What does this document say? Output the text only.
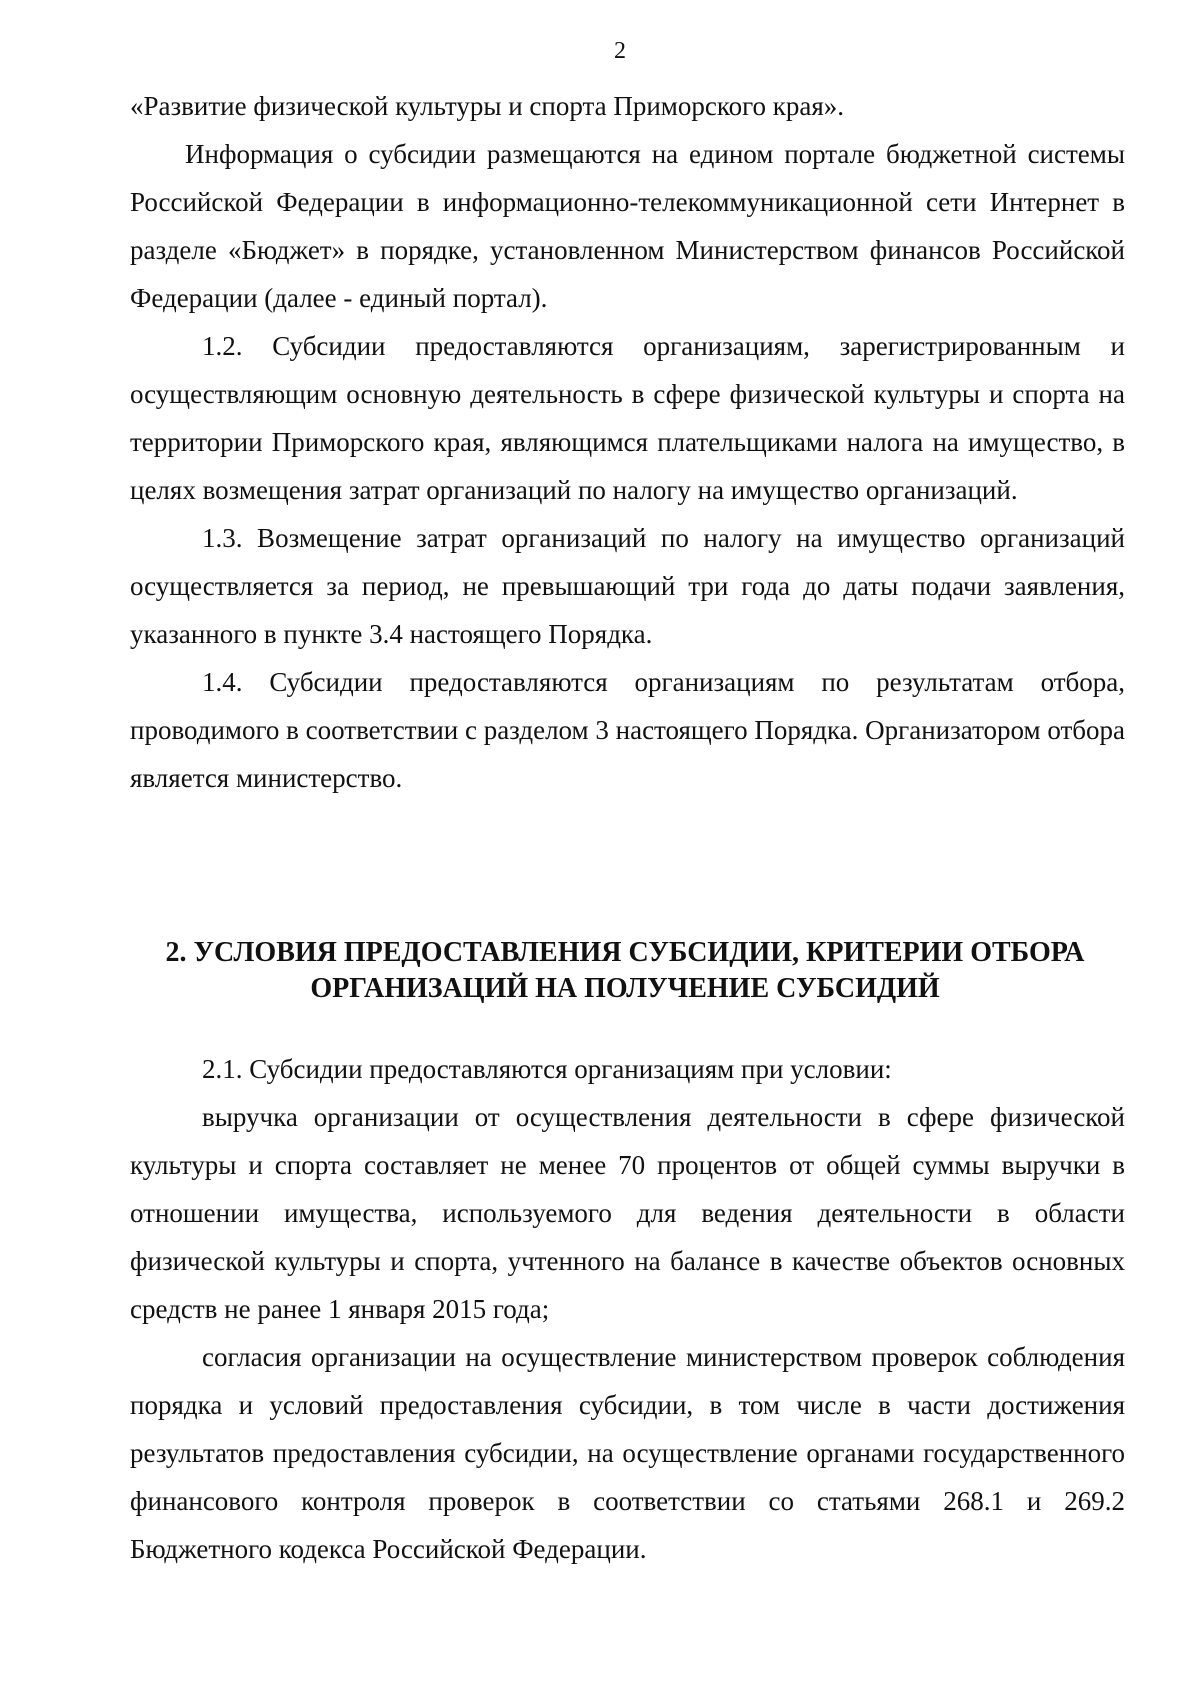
2

«Развитие физической культуры и спорта Приморского края».

Информация о субсидии размещаются на едином портале бюджетной системы Российской Федерации в информационно-телекоммуникационной сети Интернет в разделе «Бюджет» в порядке, установленном Министерством финансов Российской Федерации (далее - единый портал).

1.2. Субсидии предоставляются организациям, зарегистрированным и осуществляющим основную деятельность в сфере физической культуры и спорта на территории Приморского края, являющимся плательщиками налога на имущество, в целях возмещения затрат организаций по налогу на имущество организаций.

1.3. Возмещение затрат организаций по налогу на имущество организаций осуществляется за период, не превышающий три года до даты подачи заявления, указанного в пункте 3.4 настоящего Порядка.

1.4. Субсидии предоставляются организациям по результатам отбора, проводимого в соответствии с разделом 3 настоящего Порядка. Организатором отбора является министерство.

2. УСЛОВИЯ ПРЕДОСТАВЛЕНИЯ СУБСИДИИ, КРИТЕРИИ ОТБОРА
ОРГАНИЗАЦИЙ НА ПОЛУЧЕНИЕ СУБСИДИЙ

2.1. Субсидии предоставляются организациям при условии:

выручка организации от осуществления деятельности в сфере физической культуры и спорта составляет не менее 70 процентов от общей суммы выручки в отношении имущества, используемого для ведения деятельности в области физической культуры и спорта, учтенного на балансе в качестве объектов основных средств не ранее 1 января 2015 года;

согласия организации на осуществление министерством проверок соблюдения порядка и условий предоставления субсидии, в том числе в части достижения результатов предоставления субсидии, на осуществление органами государственного финансового контроля проверок в соответствии со статьями 268.1 и 269.2 Бюджетного кодекса Российской Федерации.
